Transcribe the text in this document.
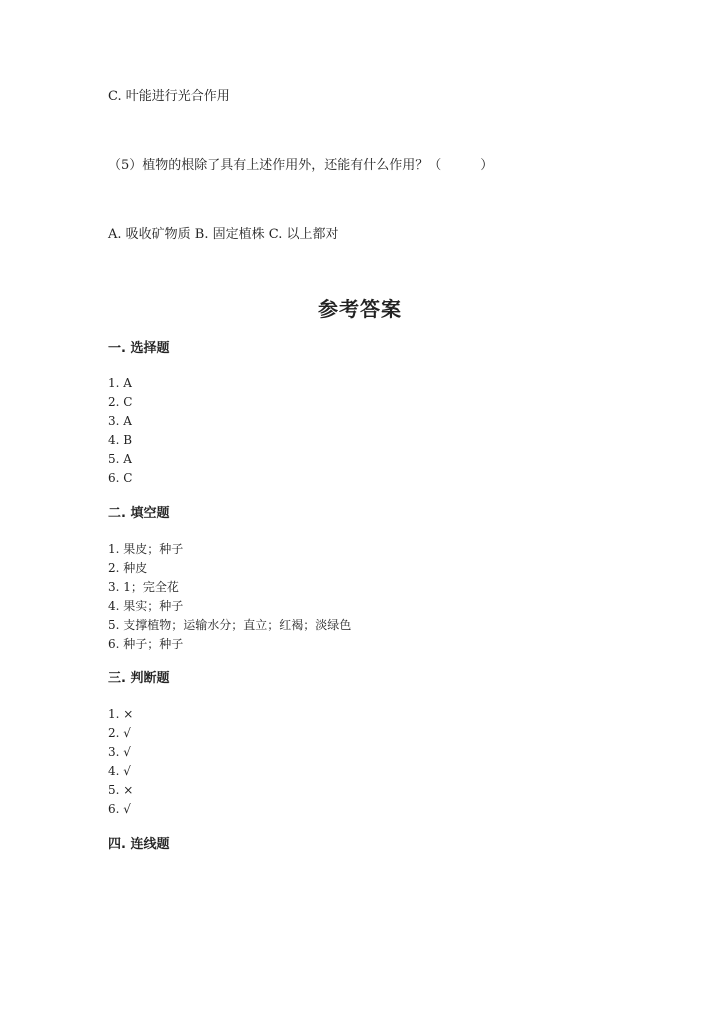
C. 叶能进行光合作用
（5）植物的根除了具有上述作用外，还能有什么作用？（　　　）
A. 吸收矿物质 B. 固定植株 C. 以上都对
参考答案
一. 选择题
1. A
2. C
3. A
4. B
5. A
6. C
二. 填空题
1. 果皮；种子
2. 种皮
3. 1；完全花
4. 果实；种子
5. 支撑植物；运输水分；直立；红褐；淡绿色
6. 种子；种子
三. 判断题
1. ×
2. √
3. √
4. √
5. ×
6. √
四. 连线题
